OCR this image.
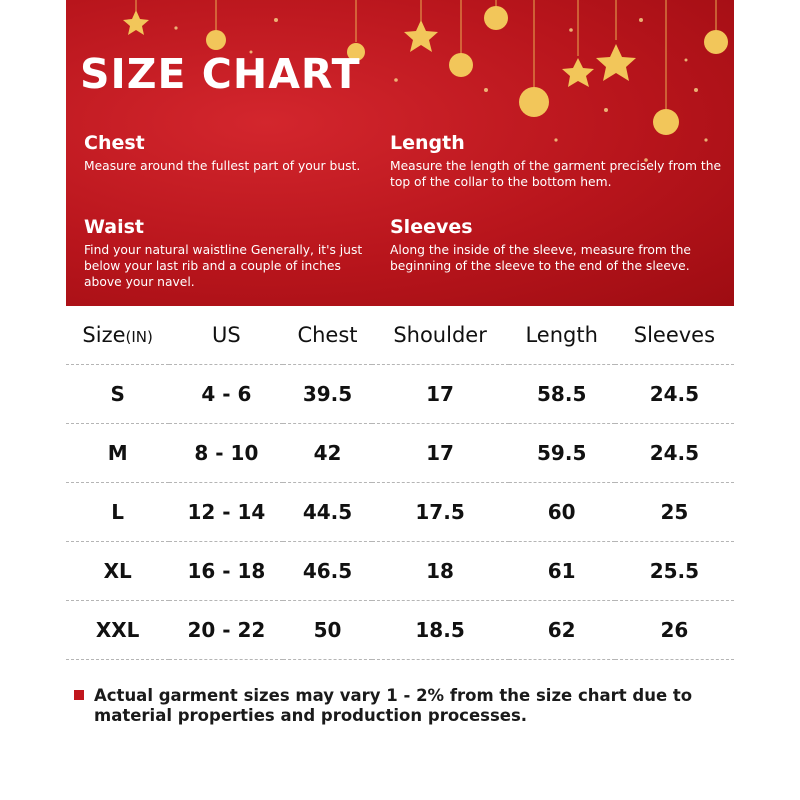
SIZE CHART
Chest
Measure around the fullest part of your bust.
Length
Measure the length of the garment precisely from the top of the collar to the bottom hem.
Waist
Find your natural waistline Generally, it's just below your last rib and a couple of inches above your navel.
Sleeves
Along the inside of the sleeve, measure from the beginning of the sleeve to the end of the sleeve.
Size(IN)	US	Chest	Shoulder	Length	Sleeves
S	4 - 6	39.5	17	58.5	24.5
M	8 - 10	42	17	59.5	24.5
L	12 - 14	44.5	17.5	60	25
XL	16 - 18	46.5	18	61	25.5
XXL	20 - 22	50	18.5	62	26
Actual garment sizes may vary 1 - 2% from the size chart due to material properties and production processes.
